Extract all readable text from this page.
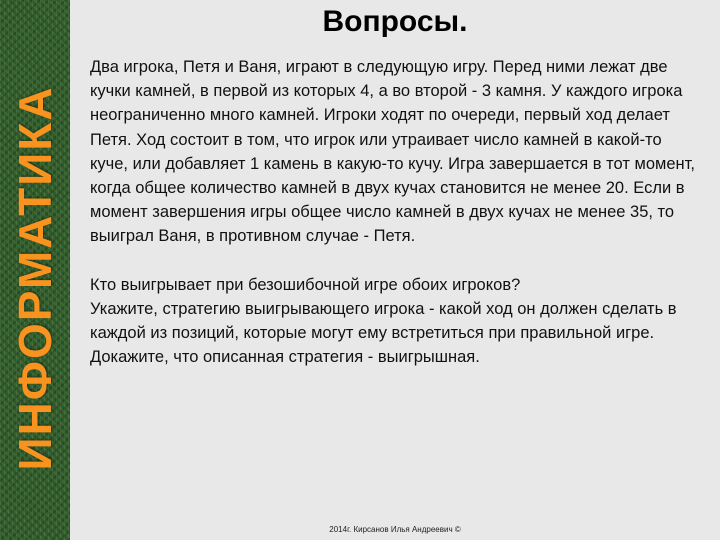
ИНФОРМАТИКА
Вопросы.

Два игрока, Петя и Ваня, играют в следующую игру. Перед ними лежат две кучки камней, в первой из которых 4, а во второй - 3 камня. У каждого игрока неограниченно много камней. Игроки ходят по очереди, первый ход делает Петя. Ход состоит в том, что игрок или утраивает число камней в какой-то куче, или добавляет 1 камень в какую-то кучу. Игра завершается в тот момент, когда общее количество камней в двух кучах становится не менее 20. Если в момент завершения игры общее число камней в двух кучах не менее 35, то выиграл Ваня, в противном случае - Петя.

Кто выигрывает при безошибочной игре обоих игроков?

Укажите, стратегию выигрывающего игрока - какой ход он должен сделать в каждой из позиций, которые могут ему встретиться при правильной игре. Докажите, что описанная стратегия - выигрышная.

2014г. Кирсанов Илья Андреевич ©
